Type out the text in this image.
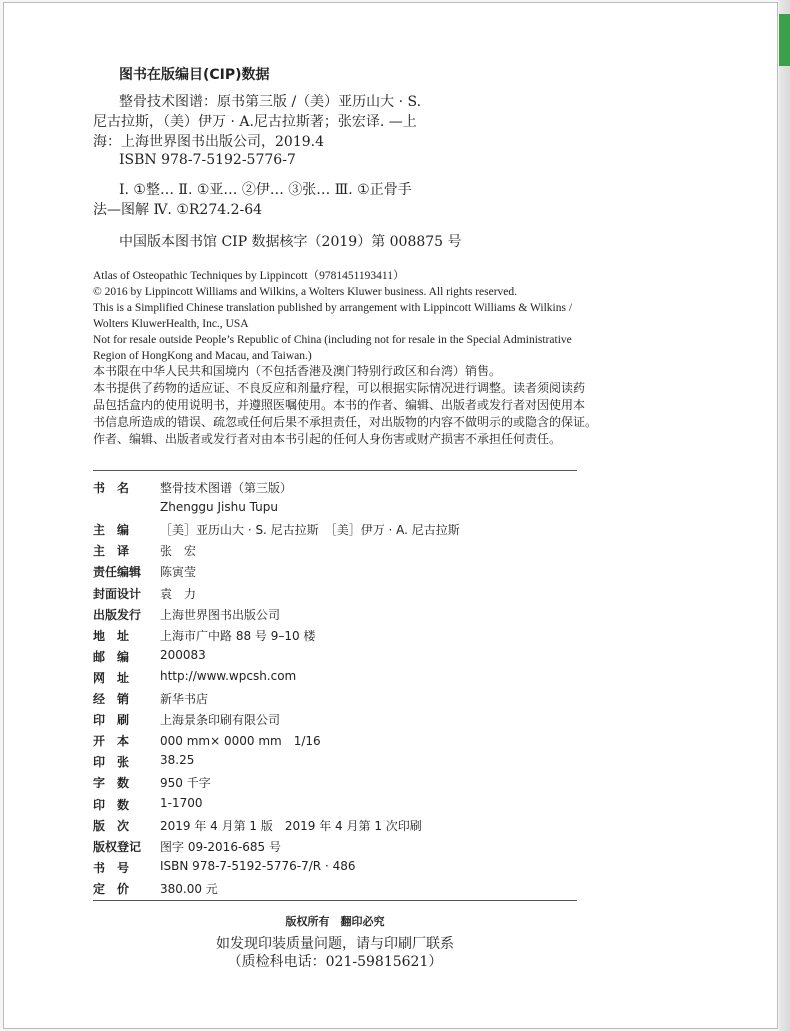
图书在版编目(CIP)数据
整骨技术图谱：原书第三版 /（美）亚历山大 · S.
尼古拉斯，（美）伊万 · A.尼古拉斯著；张宏译. —上
海：上海世界图书出版公司，2019.4
ISBN 978-7-5192-5776-7
Ⅰ. ①整… Ⅱ. ①亚… ②伊… ③张… Ⅲ. ①正骨手
法—图解 Ⅳ. ①R274.2-64
中国版本图书馆 CIP 数据核字（2019）第 008875 号
Atlas of Osteopathic Techniques by Lippincott（9781451193411）
© 2016 by Lippincott Williams and Wilkins, a Wolters Kluwer business. All rights reserved.
This is a Simplified Chinese translation published by arrangement with Lippincott Williams & Wilkins /
Wolters KluwerHealth, Inc., USA
Not for resale outside People’s Republic of China (including not for resale in the Special Administrative
Region of HongKong and Macau, and Taiwan.)
本书限在中华人民共和国境内（不包括香港及澳门特别行政区和台湾）销售。
本书提供了药物的适应证、不良反应和剂量疗程，可以根据实际情况进行调整。读者须阅读药
品包括盒内的使用说明书，并遵照医嘱使用。本书的作者、编辑、出版者或发行者对因使用本
书信息所造成的错误、疏忽或任何后果不承担责任，对出版物的内容不做明示的或隐含的保证。
作者、编辑、出版者或发行者对由本书引起的任何人身伤害或财产损害不承担任何责任。
书　名	整骨技术图谱（第三版）
Zhenggu Jishu Tupu
主　编	［美］亚历山大 · S. 尼古拉斯　［美］伊万 · A. 尼古拉斯
主　译	张　宏
责任编辑 陈寅莹
封面设计 袁　力
出版发行 上海世界图书出版公司
地　址	上海市广中路 88 号 9–10 楼
邮　编	200083
网　址	http://www.wpcsh.com
经　销	新华书店
印　刷	上海景条印刷有限公司
开　本	000 mm× 0000 mm　1/16
印　张	38.25
字　数	950 千字
印　数	1-1700
版　次	2019 年 4 月第 1 版　2019 年 4 月第 1 次印刷
版权登记 图字 09-2016-685 号
书　号	ISBN 978-7-5192-5776-7/R · 486
定　价	380.00 元
版权所有　翻印必究
如发现印装质量问题，请与印刷厂联系
（质检科电话：021-59815621）
